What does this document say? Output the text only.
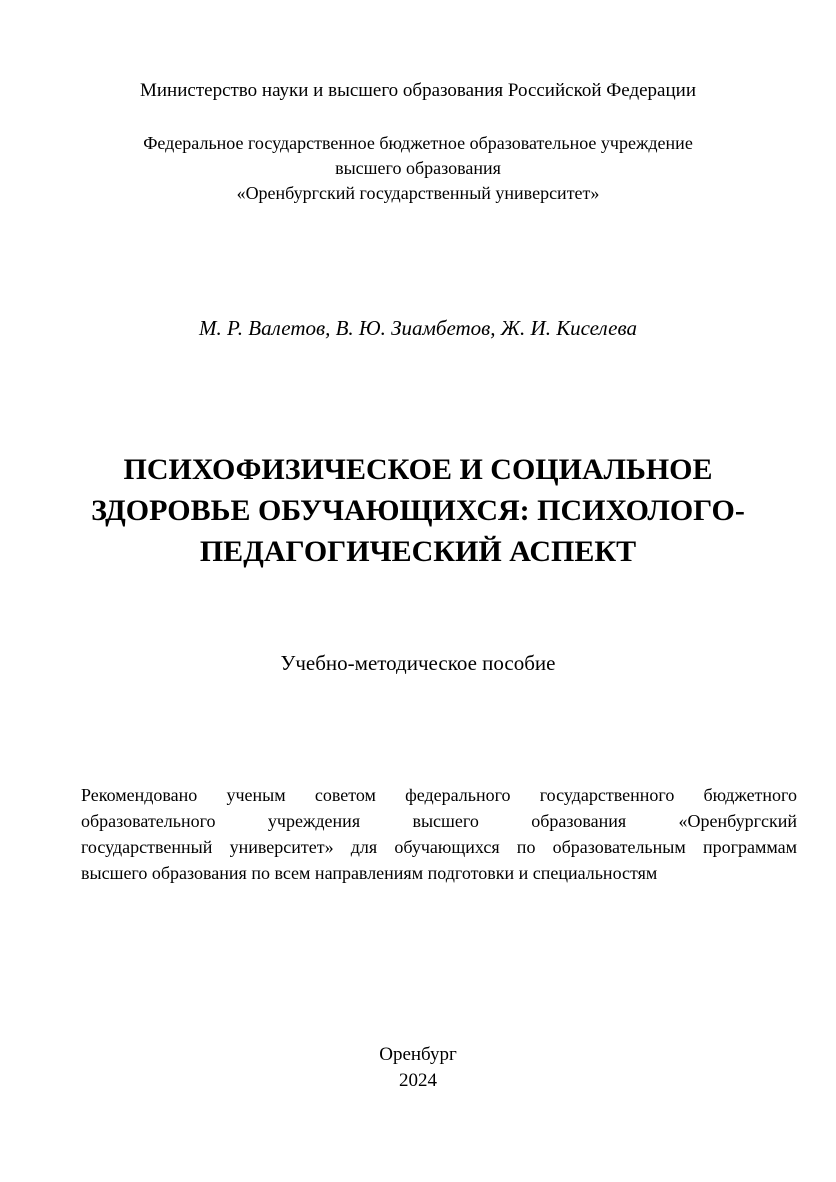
Министерство науки и высшего образования Российской Федерации
Федеральное государственное бюджетное образовательное учреждение
высшего образования
«Оренбургский государственный университет»
М. Р. Валетов, В. Ю. Зиамбетов, Ж. И. Киселева
ПСИХОФИЗИЧЕСКОЕ И СОЦИАЛЬНОЕ
ЗДОРОВЬЕ ОБУЧАЮЩИХСЯ: ПСИХОЛОГО-
ПЕДАГОГИЧЕСКИЙ АСПЕКТ
Учебно-методическое пособие
Рекомендовано ученым советом федерального государственного бюджетного
образовательного учреждения высшего образования «Оренбургский
государственный университет» для обучающихся по образовательным программам
высшего образования по всем направлениям подготовки и специальностям
Оренбург
2024
